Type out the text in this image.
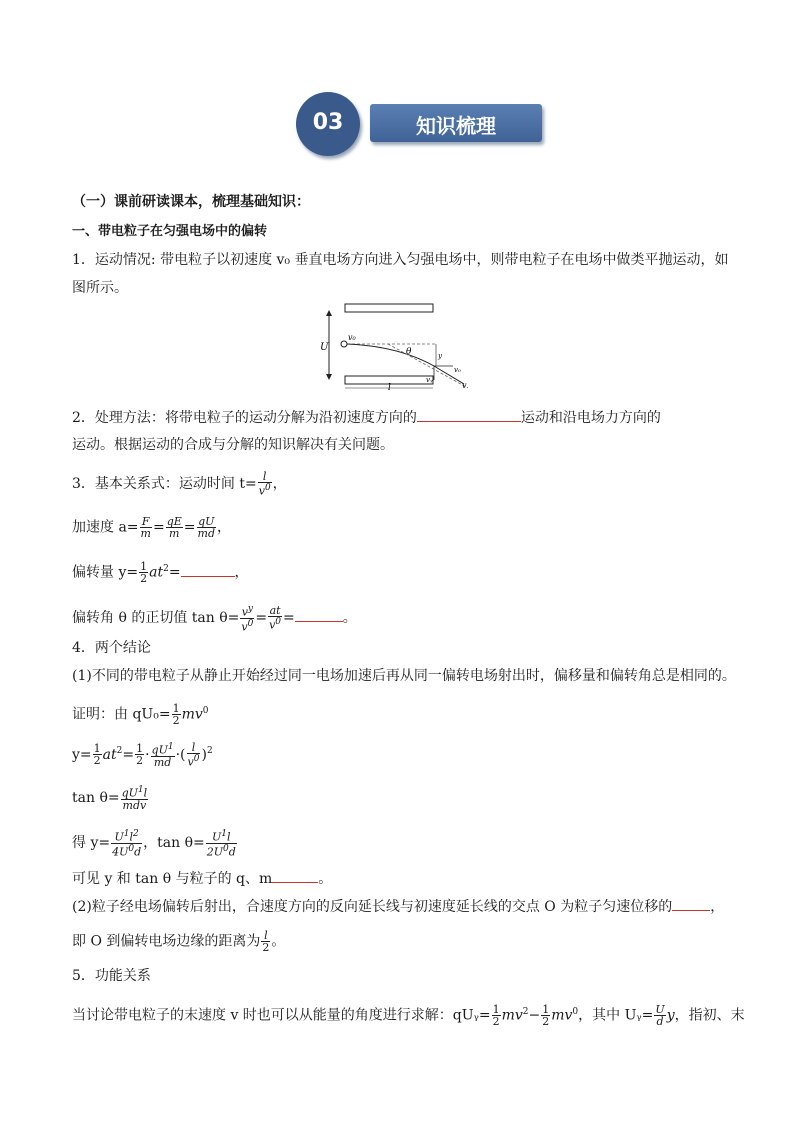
03	知识梳理
（一）课前研读课本，梳理基础知识：
一、带电粒子在匀强电场中的偏转
1．运动情况: 带电粒子以初速度 v₀ 垂直电场方向进入匀强电场中，则带电粒子在电场中做类平抛运动，如
图所示。
U
v₀
θ	y
v₀
vᵧ
v
l
2．处理方法：将带电粒子的运动分解为沿初速度方向的	运动和沿电场力方向的
运动。根据运动的合成与分解的知识解决有关问题。
3．基本关系式：运动时间 $t= \frac{l}{v^0}$ ，
加速度 $a= \frac{F}{m} = \frac{qE}{m} = \frac{qU}{md}$ ，
偏转量 $y= \frac{1}{2} at^2=$	，
偏转角 θ 的正切值 $\tan \theta= \frac{v^y}{v^0} = \frac{at}{v^0}$ =	。
4．两个结论
(1)不同的带电粒子从静止开始经过同一电场加速后再从同一偏转电场射出时，偏移量和偏转角总是相同的。
证明：由 $qU_0= \frac{1}{2} mv^0$
$y= \frac{1}{2} at^2= \frac{1}{2} \cdot \frac{qU^1}{md}$ ·( $\frac{l}{v^0} )^2$
$\tan \theta= \frac{qU^1l}{\text{mdv}}$
得 $y= \frac{U^1l^2}{4U^0d}$ ，$\tan \theta= \frac{U^1l}{2U^0d}$
可见 y 和 tan θ 与粒子的 q、m	。
(2)粒子经电场偏转后射出，合速度方向的反向延长线与初速度延长线的交点 O 为粒子匀速位移的	，
即 O 到偏转电场边缘的距离为 $\frac{l}{2}$ 。
5．功能关系
当讨论带电粒子的末速度 v 时也可以从能量的角度进行求解：qUᵧ= $\frac{1}{2} mv^2- \frac{1}{2} mv^0$，其中 Uᵧ= $\frac{U}{d}$ y，指初、末
